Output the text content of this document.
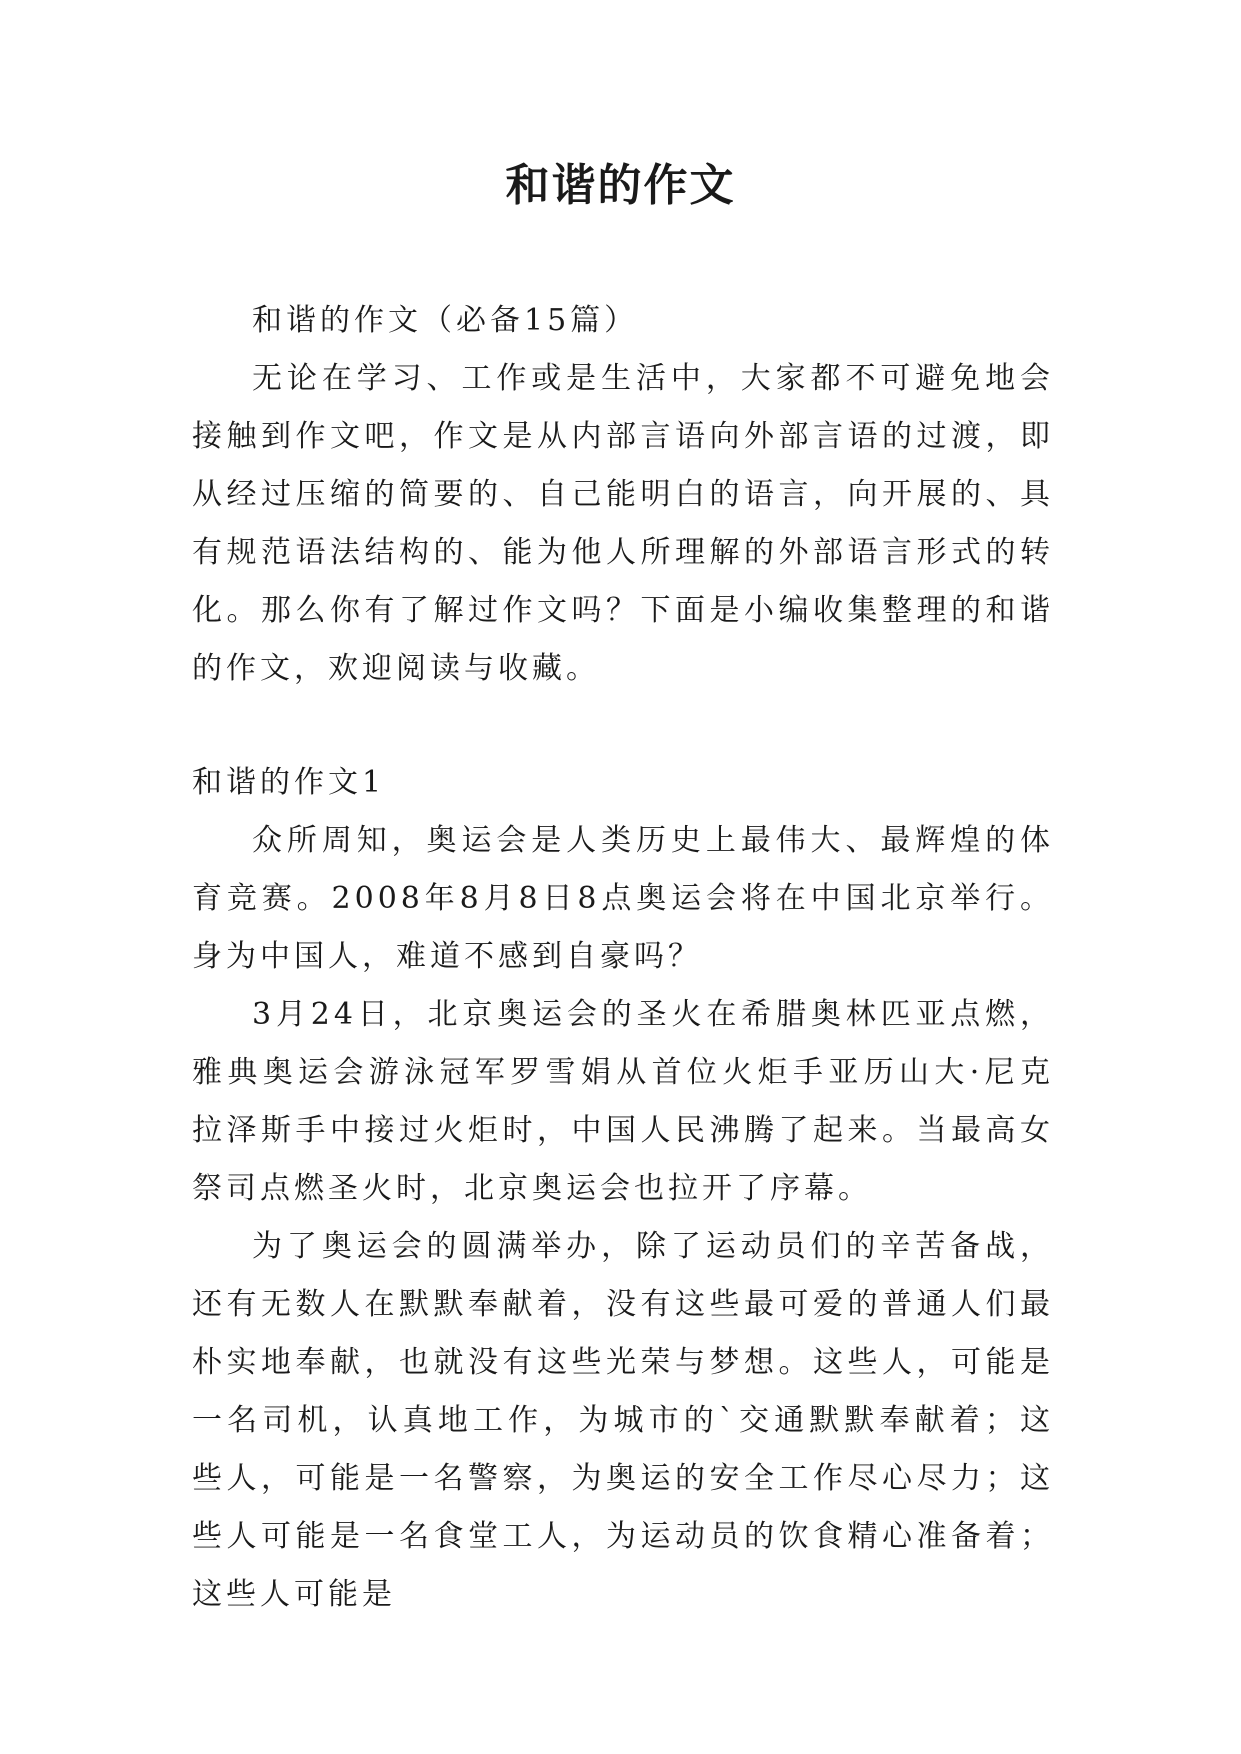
和谐的作文

和谐的作文（必备15篇）

无论在学习、工作或是生活中，大家都不可避免地会接触到作文吧，作文是从内部言语向外部言语的过渡，即从经过压缩的简要的、自己能明白的语言，向开展的、具有规范语法结构的、能为他人所理解的外部语言形式的转化。那么你有了解过作文吗？下面是小编收集整理的和谐的作文，欢迎阅读与收藏。

和谐的作文1

众所周知，奥运会是人类历史上最伟大、最辉煌的体育竞赛。2008年8月8日8点奥运会将在中国北京举行。身为中国人，难道不感到自豪吗？

3月24日，北京奥运会的圣火在希腊奥林匹亚点燃，雅典奥运会游泳冠军罗雪娟从首位火炬手亚历山大·尼克拉泽斯手中接过火炬时，中国人民沸腾了起来。当最高女祭司点燃圣火时，北京奥运会也拉开了序幕。

为了奥运会的圆满举办，除了运动员们的辛苦备战，还有无数人在默默奉献着，没有这些最可爱的普通人们最朴实地奉献，也就没有这些光荣与梦想。这些人，可能是一名司机，认真地工作，为城市的`交通默默奉献着；这些人，可能是一名警察，为奥运的安全工作尽心尽力；这些人可能是一名食堂工人，为运动员的饮食精心准备着；这些人可能是
